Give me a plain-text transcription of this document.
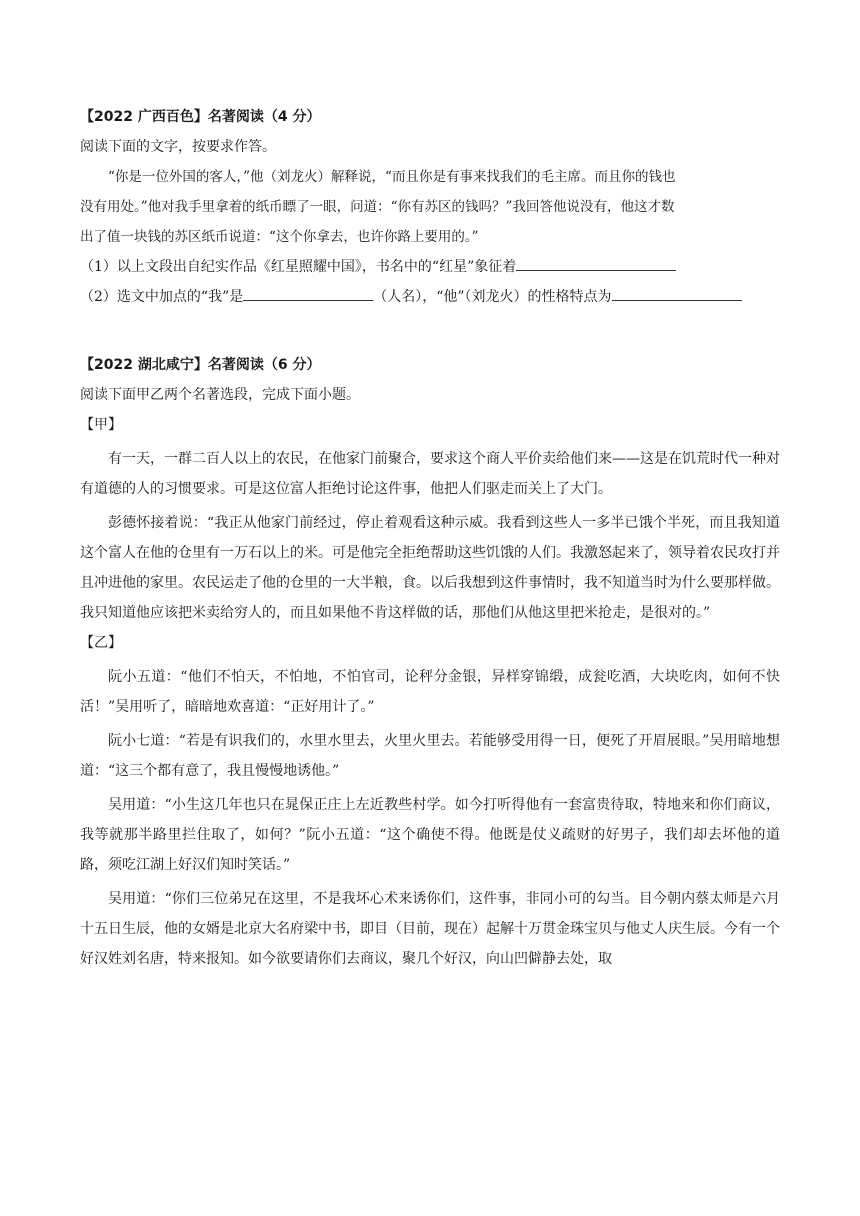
【2022 广西百色】名著阅读（4 分）
阅读下面的文字，按要求作答。
“你是一位外国的客人，”他（刘龙火）解释说，“而且你是有事来找我们的毛主席。而且你的钱也
没有用处。”他对我手里拿着的纸币瞟了一眼，问道：“你有苏区的钱吗？”我回答他说没有，他这才数
出了值一块钱的苏区纸币说道：“这个你拿去，也许你路上要用的。”
（1）以上文段出自纪实作品《红星照耀中国》，书名中的“红星”象征着
（2）选文中加点的“我”是	（人名），“他”（刘龙火）的性格特点为
【2022 湖北咸宁】名著阅读（6 分）
阅读下面甲乙两个名著选段，完成下面小题。
【甲】

有一天，一群二百人以上的农民，在他家门前聚合，要求这个商人平价卖给他们来——这是在饥荒时代一种对有道德的人的习惯要求。可是这位富人拒绝讨论这件事，他把人们驱走而关上了大门。

彭德怀接着说：“我正从他家门前经过，停止着观看这种示威。我看到这些人一多半已饿个半死，而且我知道这个富人在他的仓里有一万石以上的米。可是他完全拒绝帮助这些饥饿的人们。我激怒起来了，领导着农民攻打并且冲进他的家里。农民运走了他的仓里的一大半粮，食。以后我想到这件事情时，我不知道当时为什么要那样做。我只知道他应该把米卖给穷人的，而且如果他不肯这样做的话，那他们从他这里把米抢走，是很对的。”

【乙】

阮小五道：“他们不怕天，不怕地，不怕官司，论秤分金银，异样穿锦缎，成瓮吃酒，大块吃肉，如何不快活！”吴用听了，暗暗地欢喜道：“正好用计了。”

阮小七道：“若是有识我们的，水里水里去，火里火里去。若能够受用得一日，便死了开眉展眼。”吴用暗地想道：“这三个都有意了，我且慢慢地诱他。”

吴用道：“小生这几年也只在晁保正庄上左近教些村学。如今打听得他有一套富贵待取，特地来和你们商议，我等就那半路里拦住取了，如何？”阮小五道：“这个确使不得。他既是仗义疏财的好男子，我们却去坏他的道路，须吃江湖上好汉们知时笑话。”

吴用道：“你们三位弟兄在这里，不是我坏心术来诱你们，这件事，非同小可的勾当。目今朝内蔡太师是六月十五日生辰，他的女婿是北京大名府梁中书，即目（目前，现在）起解十万贯金珠宝贝与他丈人庆生辰。今有一个好汉姓刘名唐，特来报知。如今欲要请你们去商议，聚几个好汉，向山凹僻静去处，取
